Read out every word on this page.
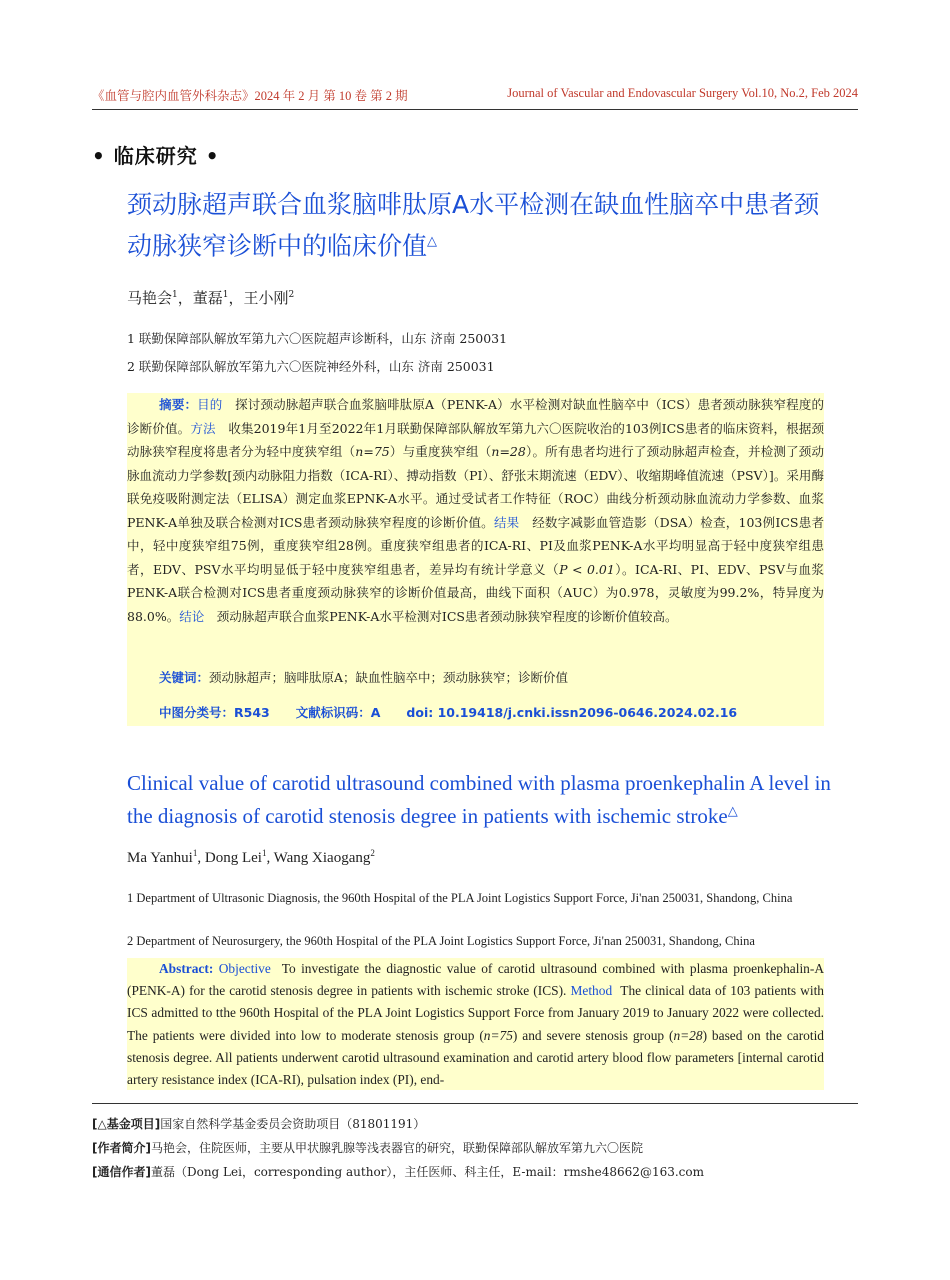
《血管与腔内血管外科杂志》2024 年 2 月 第 10 卷 第 2 期	Journal of Vascular and Endovascular Surgery Vol.10, No.2, Feb 2024
• 临床研究 •
颈动脉超声联合血浆脑啡肽原A水平检测在缺血性脑卒中患者颈动脉狭窄诊断中的临床价值△
马艳会$^1$，董磊$^1$，王小刚$^2$
1 联勤保障部队解放军第九六〇医院超声诊断科，山东 济南 250031
2 联勤保障部队解放军第九六〇医院神经外科，山东 济南 250031
摘要：目的　 探讨颈动脉超声联合血浆脑啡肽原A（PENK-A）水平检测对缺血性脑卒中（ICS）患者颈动脉狭窄程度的诊断价值。方法　 收集2019年1月至2022年1月联勤保障部队解放军第九六〇医院收治的103例ICS患者的临床资料，根据颈动脉狭窄程度将患者分为轻中度狭窄组（n=75）与重度狭窄组（n=28）。所有患者均进行了颈动脉超声检查，并检测了颈动脉血流动力学参数[颈内动脉阻力指数（ICA-RI）、搏动指数（PI）、舒张末期流速（EDV）、收缩期峰值流速（PSV）]。采用酶联免疫吸附测定法（ELISA）测定血浆EPNK-A水平。通过受试者工作特征（ROC）曲线分析颈动脉血流动力学参数、血浆PENK-A单独及联合检测对ICS患者颈动脉狭窄程度的诊断价值。结果　 经数字减影血管造影（DSA）检查，103例ICS患者中，轻中度狭窄组75例，重度狭窄组28例。重度狭窄组患者的ICA-RI、PI及血浆PENK-A水平均明显高于轻中度狭窄组患者，EDV、PSV水平均明显低于轻中度狭窄组患者，差异均有统计学意义（P < 0.01）。ICA-RI、PI、EDV、PSV与血浆PENK-A联合检测对ICS患者重度颈动脉狭窄的诊断价值最高，曲线下面积（AUC）为0.978，灵敏度为99.2%，特异度为88.0%。结论　 颈动脉超声联合血浆PENK-A水平检测对ICS患者颈动脉狭窄程度的诊断价值较高。
关键词：颈动脉超声；脑啡肽原A；缺血性脑卒中；颈动脉狭窄；诊断价值
中图分类号：R543 文献标识码：A doi: 10.19418/j.cnki.issn2096-0646.2024.02.16
Clinical value of carotid ultrasound combined with plasma proenkephalin A level in the diagnosis of carotid stenosis degree in patients with ischemic stroke△
Ma Yanhui$^1$, Dong Lei$^1$, Wang Xiaogang$^2$
1 Department of Ultrasonic Diagnosis, the 960th Hospital of the PLA Joint Logistics Support Force, Ji'nan 250031, Shandong, China
2 Department of Neurosurgery, the 960th Hospital of the PLA Joint Logistics Support Force, Ji'nan 250031, Shandong, China
Abstract: Objective To investigate the diagnostic value of carotid ultrasound combined with plasma proenkephalin-A (PENK-A) for the carotid stenosis degree in patients with ischemic stroke (ICS). Method The clinical data of 103 patients with ICS admitted to tthe 960th Hospital of the PLA Joint Logistics Support Force from January 2019 to January 2022 were collected. The patients were divided into low to moderate stenosis group (n=75) and severe stenosis group (n=28) based on the carotid stenosis degree. All patients underwent carotid ultrasound examination and carotid artery blood flow parameters [internal carotid artery resistance index (ICA-RI), pulsation index (PI), end-
[△基金项目]国家自然科学基金委员会资助项目（81801191）
[作者简介]马艳会，住院医师，主要从甲状腺乳腺等浅表器官的研究，联勤保障部队解放军第九六〇医院
[通信作者]董磊（Dong Lei，corresponding author），主任医师、科主任，E-mail：rmshe48662@163.com
